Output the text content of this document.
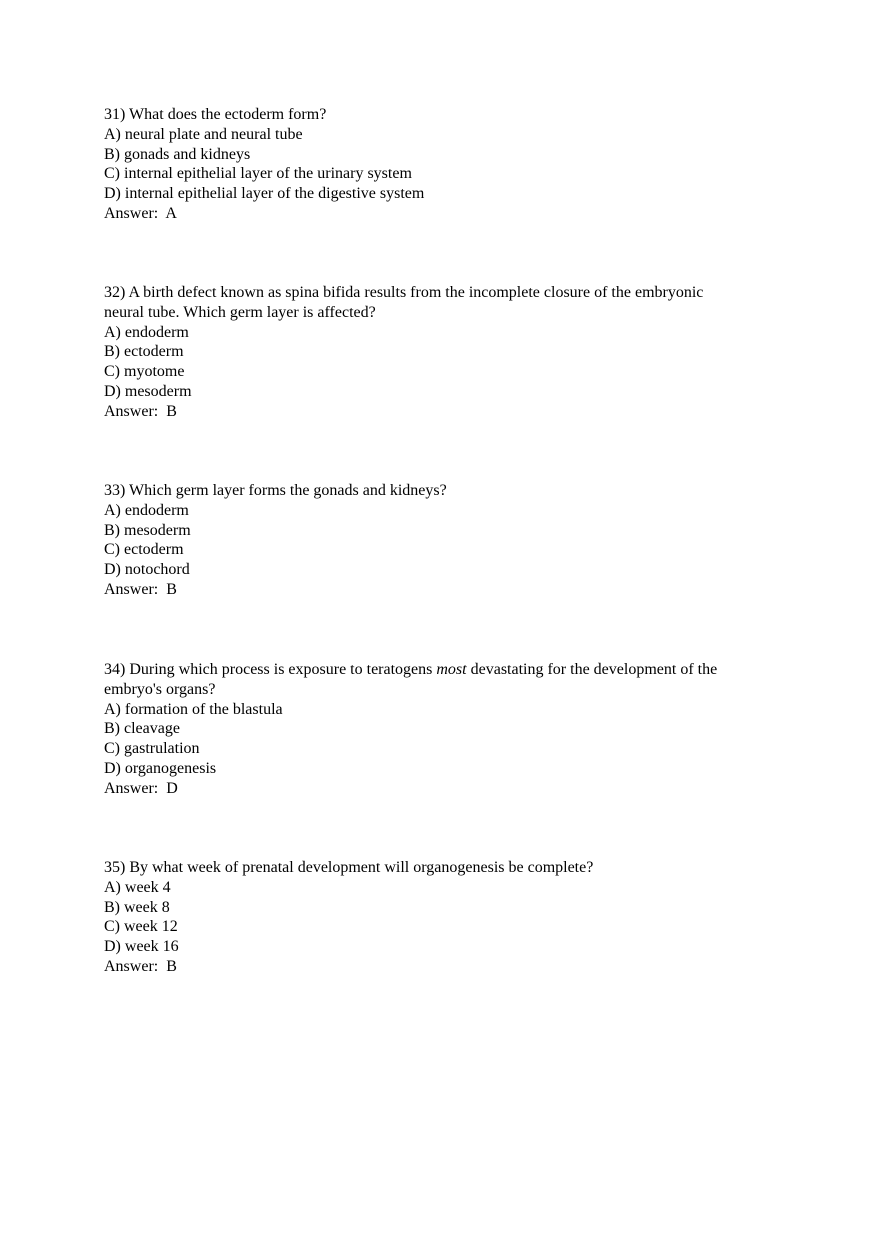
31) What does the ectoderm form?
A) neural plate and neural tube
B) gonads and kidneys
C) internal epithelial layer of the urinary system
D) internal epithelial layer of the digestive system
Answer:  A
32) A birth defect known as spina bifida results from the incomplete closure of the embryonic
neural tube. Which germ layer is affected?
A) endoderm
B) ectoderm
C) myotome
D) mesoderm
Answer:  B
33) Which germ layer forms the gonads and kidneys?
A) endoderm
B) mesoderm
C) ectoderm
D) notochord
Answer:  B
34) During which process is exposure to teratogens most devastating for the development of the
embryo's organs?
A) formation of the blastula
B) cleavage
C) gastrulation
D) organogenesis
Answer:  D
35) By what week of prenatal development will organogenesis be complete?
A) week 4
B) week 8
C) week 12
D) week 16
Answer:  B
